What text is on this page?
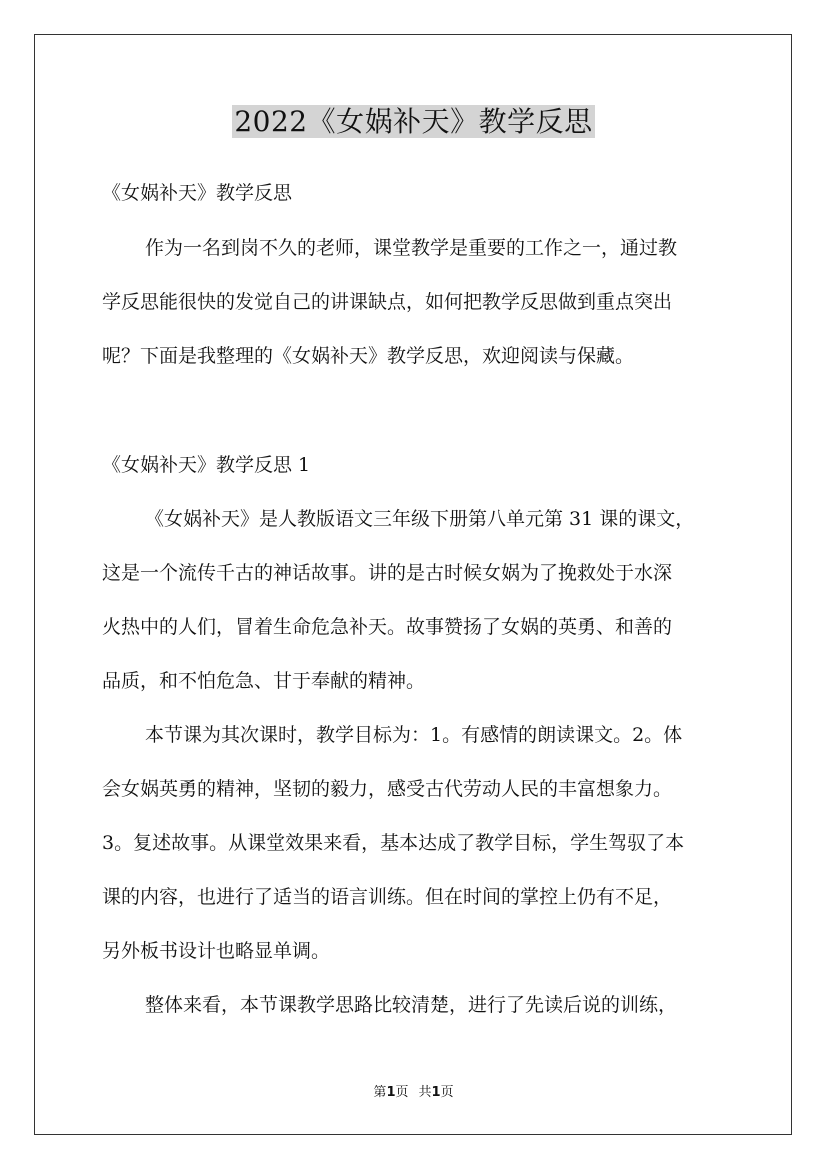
2022《女娲补天》教学反思
《女娲补天》教学反思
作为一名到岗不久的老师，课堂教学是重要的工作之一，通过教
学反思能很快的发觉自己的讲课缺点，如何把教学反思做到重点突出
呢？下面是我整理的《女娲补天》教学反思，欢迎阅读与保藏。
《女娲补天》教学反思 1
《女娲补天》是人教版语文三年级下册第八单元第 31 课的课文，
这是一个流传千古的神话故事。讲的是古时候女娲为了挽救处于水深
火热中的人们，冒着生命危急补天。故事赞扬了女娲的英勇、和善的
品质，和不怕危急、甘于奉献的精神。
本节课为其次课时，教学目标为：1。有感情的朗读课文。2。体
会女娲英勇的精神，坚韧的毅力，感受古代劳动人民的丰富想象力。
3。复述故事。从课堂效果来看，基本达成了教学目标，学生驾驭了本
课的内容，也进行了适当的语言训练。但在时间的掌控上仍有不足，
另外板书设计也略显单调。
整体来看，本节课教学思路比较清楚，进行了先读后说的训练，
第1页 共1页
